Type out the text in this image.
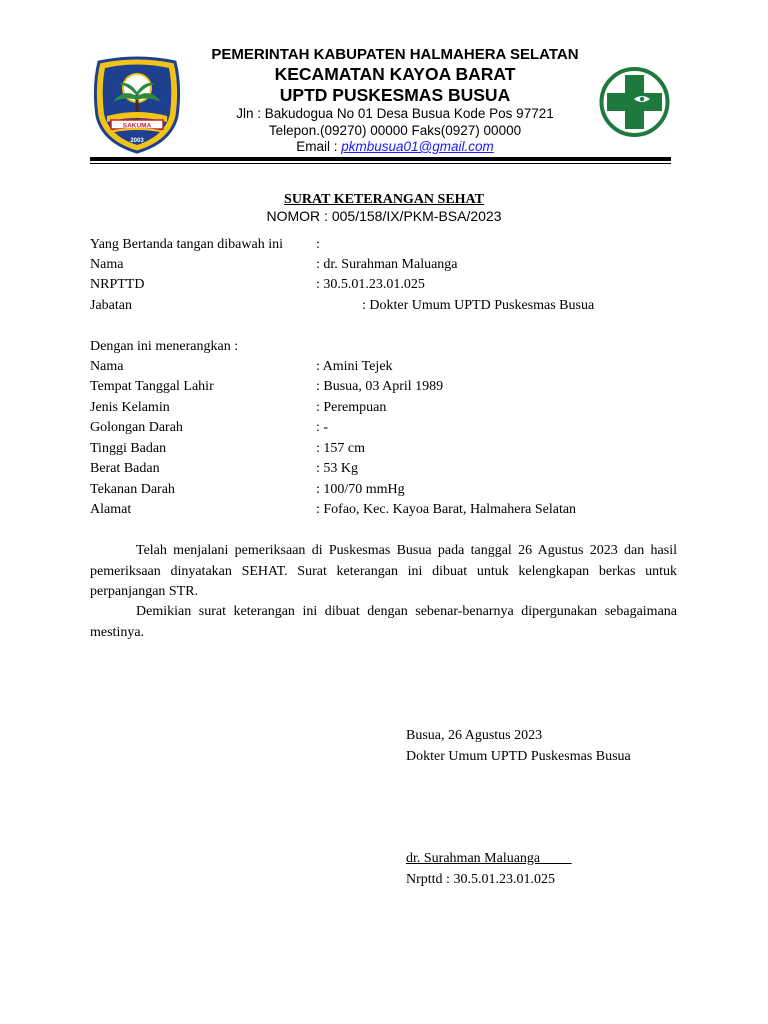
SAKUMA
2003
PEMERINTAH KABUPATEN HALMAHERA SELATAN
KECAMATAN KAYOA BARAT
UPTD PUSKESMAS BUSUA
Jln : Bakudogua No 01 Desa Busua Kode Pos 97721
Telepon.(09270) 00000 Faks(0927) 00000
Email : pkmbusua01@gmail.com
SURAT KETERANGAN SEHAT
NOMOR : 005/158/IX/PKM-BSA/2023
Yang Bertanda tangan dibawah ini :
Nama	: dr. Surahman Maluanga
NRPTTD	: 30.5.01.23.01.025
Jabatan	: Dokter Umum UPTD Puskesmas Busua
Dengan ini menerangkan :
Nama	: Amini Tejek
Tempat Tanggal Lahir	: Busua, 03 April 1989
Jenis Kelamin	: Perempuan
Golongan Darah	: -
Tinggi Badan	: 157 cm
Berat Badan	: 53 Kg
Tekanan Darah	: 100/70 mmHg
Alamat	: Fofao, Kec. Kayoa Barat, Halmahera Selatan
Telah menjalani pemeriksaan di Puskesmas Busua pada tanggal 26 Agustus 2023 dan hasil pemeriksaan dinyatakan SEHAT. Surat keterangan ini dibuat untuk kelengkapan berkas untuk perpanjangan STR.
Demikian surat keterangan ini dibuat dengan sebenar-benarnya dipergunakan sebagaimana mestinya.
Busua, 26 Agustus 2023
Dokter Umum UPTD Puskesmas Busua
dr. Surahman Maluanga
Nrpttd : 30.5.01.23.01.025
